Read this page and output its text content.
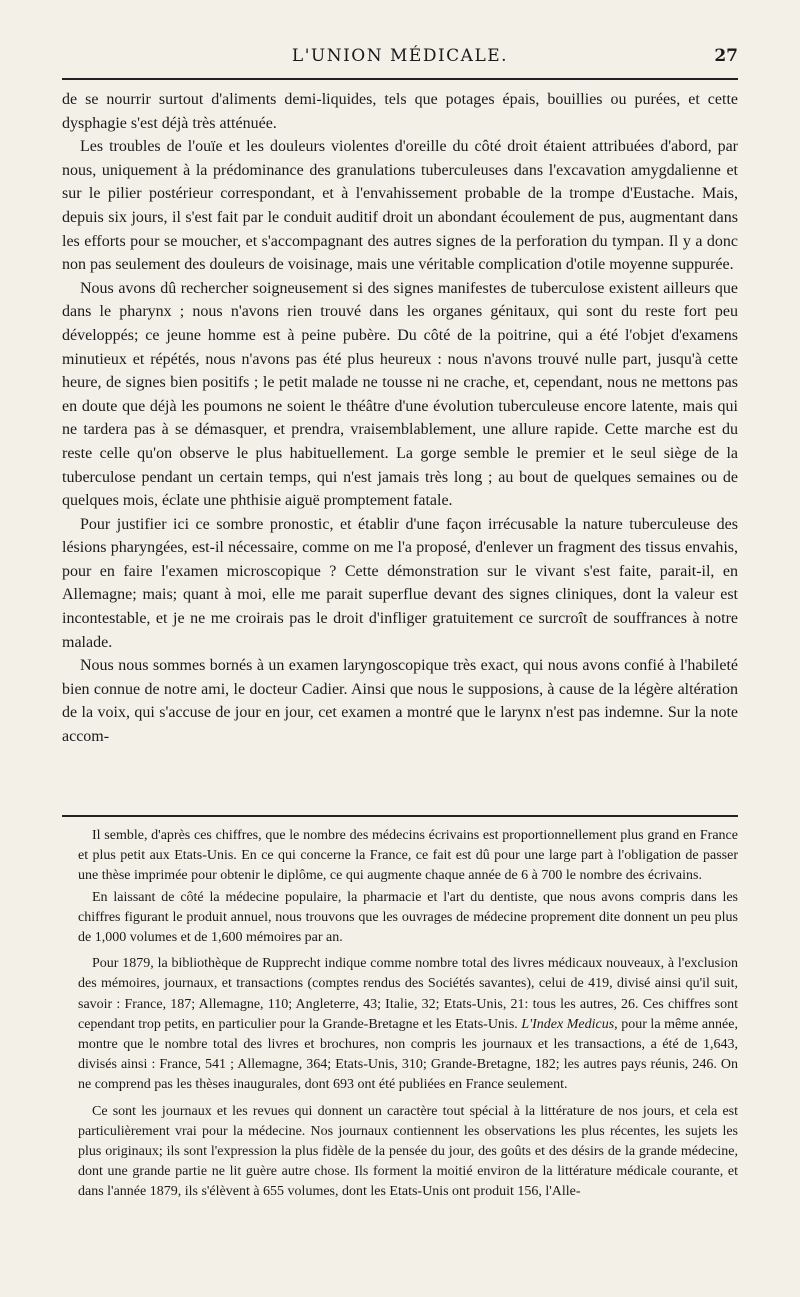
L'UNION MÉDICALE.	27

de se nourrir surtout d'aliments demi-liquides, tels que potages épais, bouillies ou purées, et cette dysphagie s'est déjà très atténuée.

Les troubles de l'ouïe et les douleurs violentes d'oreille du côté droit étaient attribuées d'abord, par nous, uniquement à la prédominance des granulations tuberculeuses dans l'excavation amygdalienne et sur le pilier postérieur correspondant, et à l'envahissement probable de la trompe d'Eustache. Mais, depuis six jours, il s'est fait par le conduit auditif droit un abondant écoulement de pus, augmentant dans les efforts pour se moucher, et s'accompagnant des autres signes de la perforation du tympan. Il y a donc non pas seulement des douleurs de voisinage, mais une véritable complication d'otile moyenne suppurée.

Nous avons dû rechercher soigneusement si des signes manifestes de tuberculose existent ailleurs que dans le pharynx ; nous n'avons rien trouvé dans les organes génitaux, qui sont du reste fort peu développés; ce jeune homme est à peine pubère. Du côté de la poitrine, qui a été l'objet d'examens minutieux et répétés, nous n'avons pas été plus heureux : nous n'avons trouvé nulle part, jusqu'à cette heure, de signes bien positifs ; le petit malade ne tousse ni ne crache, et, cependant, nous ne mettons pas en doute que déjà les poumons ne soient le théâtre d'une évolution tuberculeuse encore latente, mais qui ne tardera pas à se démasquer, et prendra, vraisemblablement, une allure rapide. Cette marche est du reste celle qu'on observe le plus habituellement. La gorge semble le premier et le seul siège de la tuberculose pendant un certain temps, qui n'est jamais très long ; au bout de quelques semaines ou de quelques mois, éclate une phthisie aiguë promptement fatale.

Pour justifier ici ce sombre pronostic, et établir d'une façon irrécusable la nature tuberculeuse des lésions pharyngées, est-il nécessaire, comme on me l'a proposé, d'enlever un fragment des tissus envahis, pour en faire l'examen microscopique ? Cette démonstration sur le vivant s'est faite, parait-il, en Allemagne; mais; quant à moi, elle me parait superflue devant des signes cliniques, dont la valeur est incontestable, et je ne me croirais pas le droit d'infliger gratuitement ce surcroît de souffrances à notre malade.

Nous nous sommes bornés à un examen laryngoscopique très exact, qui nous avons confié à l'habileté bien connue de notre ami, le docteur Cadier. Ainsi que nous le supposions, à cause de la légère altération de la voix, qui s'accuse de jour en jour, cet examen a montré que le larynx n'est pas indemne. Sur la note accom-

Il semble, d'après ces chiffres, que le nombre des médecins écrivains est proportionnellement plus grand en France et plus petit aux Etats-Unis. En ce qui concerne la France, ce fait est dû pour une large part à l'obligation de passer une thèse imprimée pour obtenir le diplôme, ce qui augmente chaque année de 6 à 700 le nombre des écrivains.

En laissant de côté la médecine populaire, la pharmacie et l'art du dentiste, que nous avons compris dans les chiffres figurant le produit annuel, nous trouvons que les ouvrages de médecine proprement dite donnent un peu plus de 1,000 volumes et de 1,600 mémoires par an.

Pour 1879, la bibliothèque de Rupprecht indique comme nombre total des livres médicaux nouveaux, à l'exclusion des mémoires, journaux, et transactions (comptes rendus des Sociétés savantes), celui de 419, divisé ainsi qu'il suit, savoir : France, 187; Allemagne, 110; Angleterre, 43; Italie, 32; Etats-Unis, 21: tous les autres, 26. Ces chiffres sont cependant trop petits, en particulier pour la Grande-Bretagne et les Etats-Unis. L'Index Medicus, pour la même année, montre que le nombre total des livres et brochures, non compris les journaux et les transactions, a été de 1,643, divisés ainsi : France, 541 ; Allemagne, 364; Etats-Unis, 310; Grande-Bretagne, 182; les autres pays réunis, 246. On ne comprend pas les thèses inaugurales, dont 693 ont été publiées en France seulement.

Ce sont les journaux et les revues qui donnent un caractère tout spécial à la littérature de nos jours, et cela est particulièrement vrai pour la médecine. Nos journaux contiennent les observations les plus récentes, les sujets les plus originaux; ils sont l'expression la plus fidèle de la pensée du jour, des goûts et des désirs de la grande médecine, dont une grande partie ne lit guère autre chose. Ils forment la moitié environ de la littérature médicale courante, et dans l'année 1879, ils s'élèvent à 655 volumes, dont les Etats-Unis ont produit 156, l'Alle-
